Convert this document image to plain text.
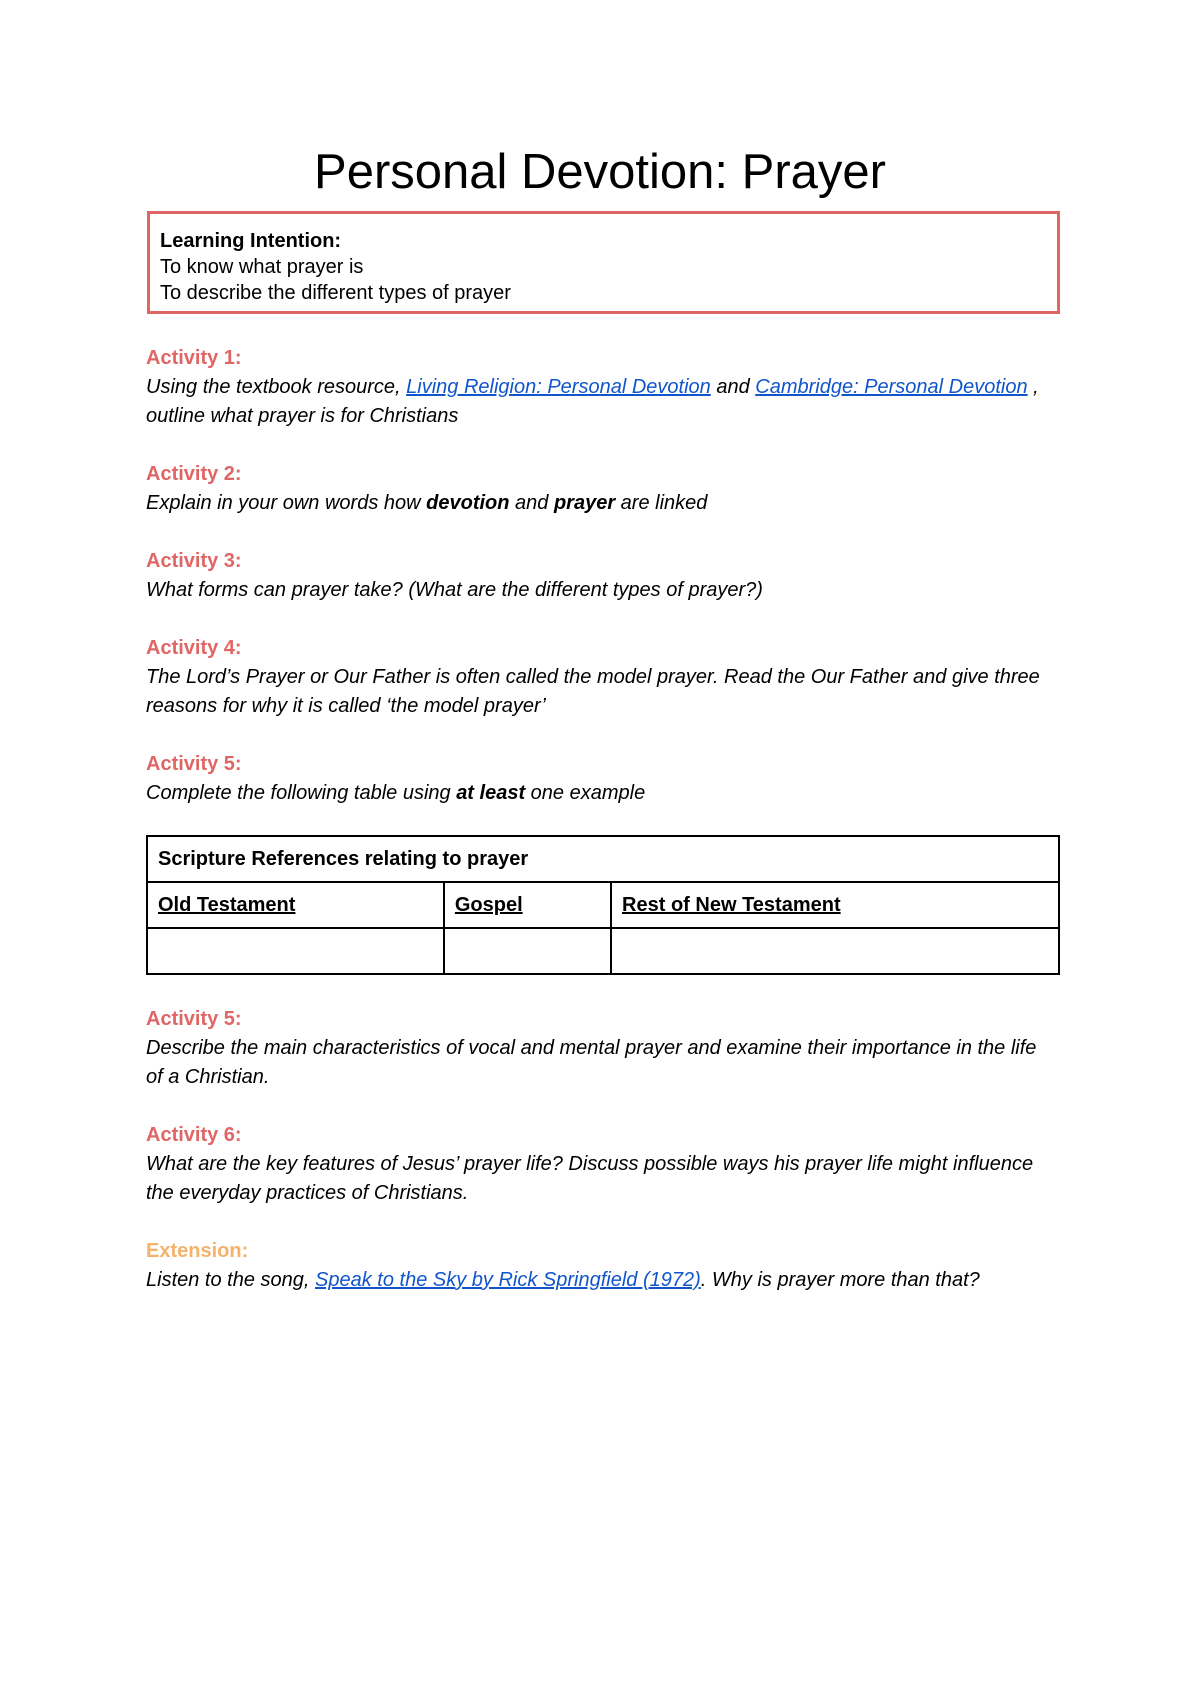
Personal Devotion: Prayer
Learning Intention:
To know what prayer is
To describe the different types of prayer
Activity 1:
Using the textbook resource, Living Religion: Personal Devotion and Cambridge: Personal Devotion , outline what prayer is for Christians
Activity 2:
Explain in your own words how devotion and prayer are linked
Activity 3:
What forms can prayer take? (What are the different types of prayer?)
Activity 4:
The Lord’s Prayer or Our Father is often called the model prayer. Read the Our Father and give three reasons for why it is called ‘the model prayer’
Activity 5:
Complete the following table using at least one example
Scripture References relating to prayer		
Old Testament	Gospel	Rest of New Testament

Activity 5:
Describe the main characteristics of vocal and mental prayer and examine their importance in the life of a Christian.
Activity 6:
What are the key features of Jesus’ prayer life? Discuss possible ways his prayer life might influence the everyday practices of Christians.
Extension:
Listen to the song, Speak to the Sky by Rick Springfield (1972). Why is prayer more than that?
